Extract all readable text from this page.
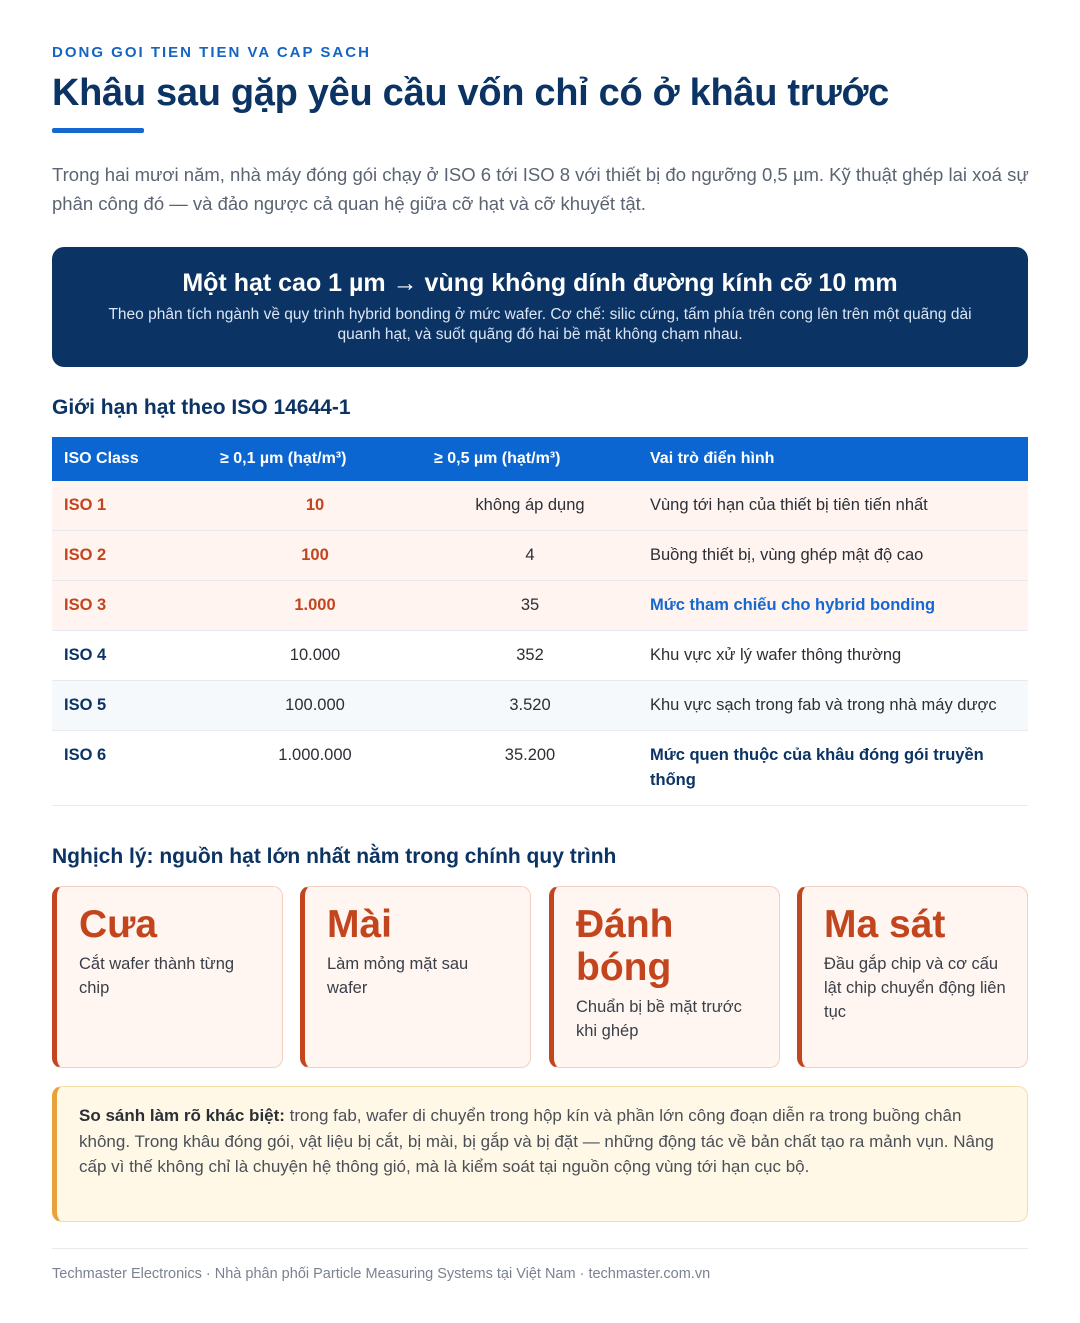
DONG GOI TIEN TIEN VA CAP SACH
Khâu sau gặp yêu cầu vốn chỉ có ở khâu trước

Trong hai mươi năm, nhà máy đóng gói chạy ở ISO 6 tới ISO 8 với thiết bị đo ngưỡng 0,5 µm. Kỹ thuật ghép lai xoá sự phân công đó — và đảo ngược cả quan hệ giữa cỡ hạt và cỡ khuyết tật.

Một hạt cao 1 µm → vùng không dính đường kính cỡ 10 mm
Theo phân tích ngành về quy trình hybrid bonding ở mức wafer. Cơ chế: silic cứng, tấm phía trên cong lên trên một quãng dài quanh hạt, và suốt quãng đó hai bề mặt không chạm nhau.
Giới hạn hạt theo ISO 14644-1
ISO Class	≥ 0,1 µm (hạt/m³)	≥ 0,5 µm (hạt/m³)	Vai trò điển hình
ISO 1	10	không áp dụng	Vùng tới hạn của thiết bị tiên tiến nhất
ISO 2	100	4	Buồng thiết bị, vùng ghép mật độ cao
ISO 3	1.000	35	Mức tham chiếu cho hybrid bonding
ISO 4	10.000	352	Khu vực xử lý wafer thông thường
ISO 5	100.000	3.520	Khu vực sạch trong fab và trong nhà máy dược
ISO 6	1.000.000	35.200	Mức quen thuộc của khâu đóng gói truyền thống
Nghịch lý: nguồn hạt lớn nhất nằm trong chính quy trình
Cưa
Cắt wafer thành từng chip
Mài
Làm mỏng mặt sau wafer
Đánh bóng
Chuẩn bị bề mặt trước khi ghép
Ma sát
Đầu gắp chip và cơ cấu lật chip chuyển động liên tục
So sánh làm rõ khác biệt: trong fab, wafer di chuyển trong hộp kín và phần lớn công đoạn diễn ra trong buồng chân không. Trong khâu đóng gói, vật liệu bị cắt, bị mài, bị gắp và bị đặt — những động tác về bản chất tạo ra mảnh vụn. Nâng cấp vì thế không chỉ là chuyện hệ thông gió, mà là kiểm soát tại nguồn cộng vùng tới hạn cục bộ.
Techmaster Electronics · Nhà phân phối Particle Measuring Systems tại Việt Nam · techmaster.com.vn
